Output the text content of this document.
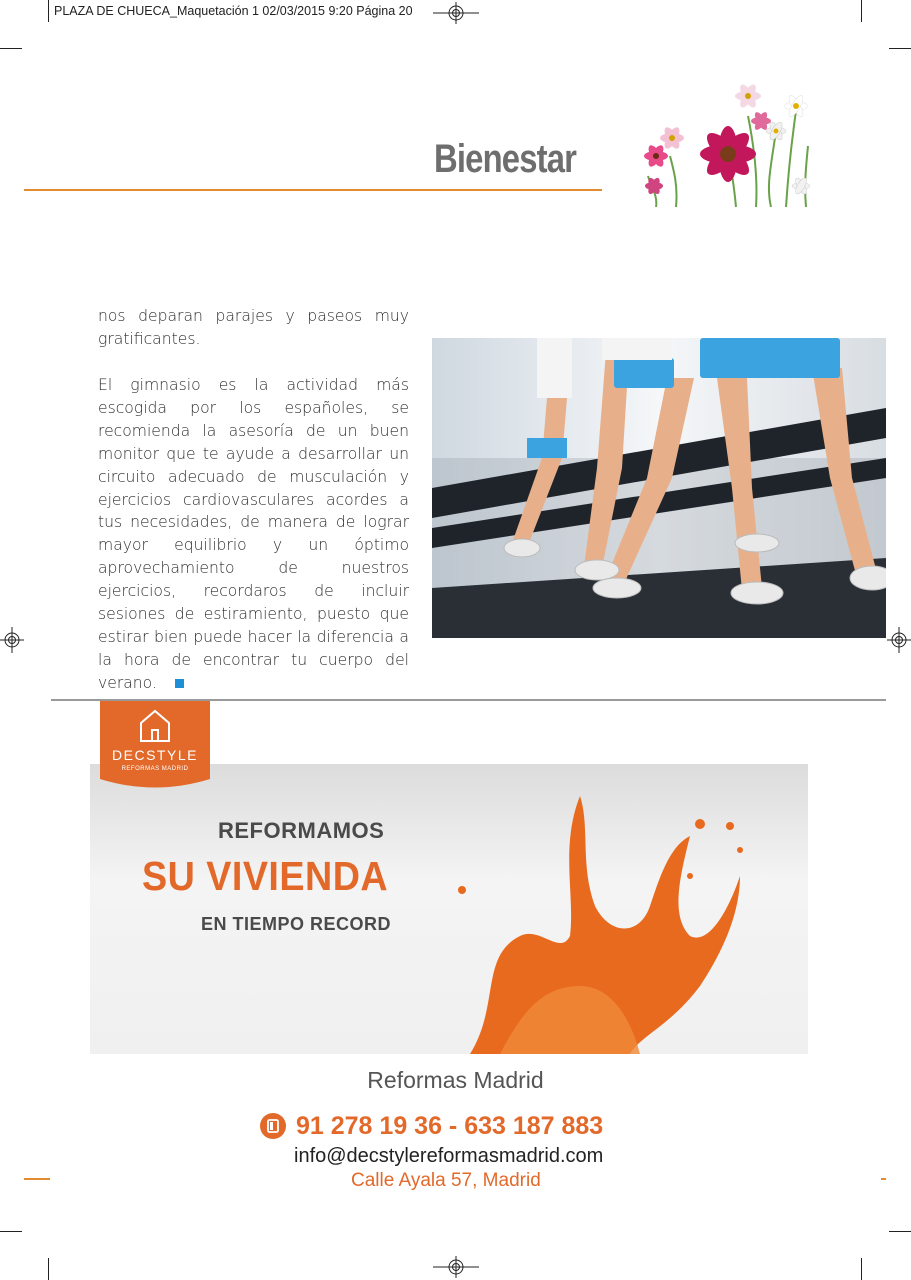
PLAZA DE CHUECA_Maquetación 1 02/03/2015 9:20 Página 20
Bienestar

nos deparan parajes y paseos muy gratificantes.

El gimnasio es la actividad más escogida por los españoles, se recomienda la asesoría de un buen monitor que te ayude a desarrollar un circuito adecuado de musculación y ejercicios cardiovasculares acordes a tus necesidades, de manera de lograr mayor equilibrio y un óptimo aprovechamiento de nuestros ejercicios, recordaros de incluir sesiones de estiramiento, puesto que estirar bien puede hacer la diferencia a la hora de encontrar tu cuerpo del verano.

DECSTYLE
REFORMAS MADRID
REFORMAMOS
SU VIVIENDA
EN TIEMPO RECORD
Reformas Madrid
91 278 19 36 - 633 187 883
info@decstylereformasmadrid.com
Calle Ayala 57, Madrid
